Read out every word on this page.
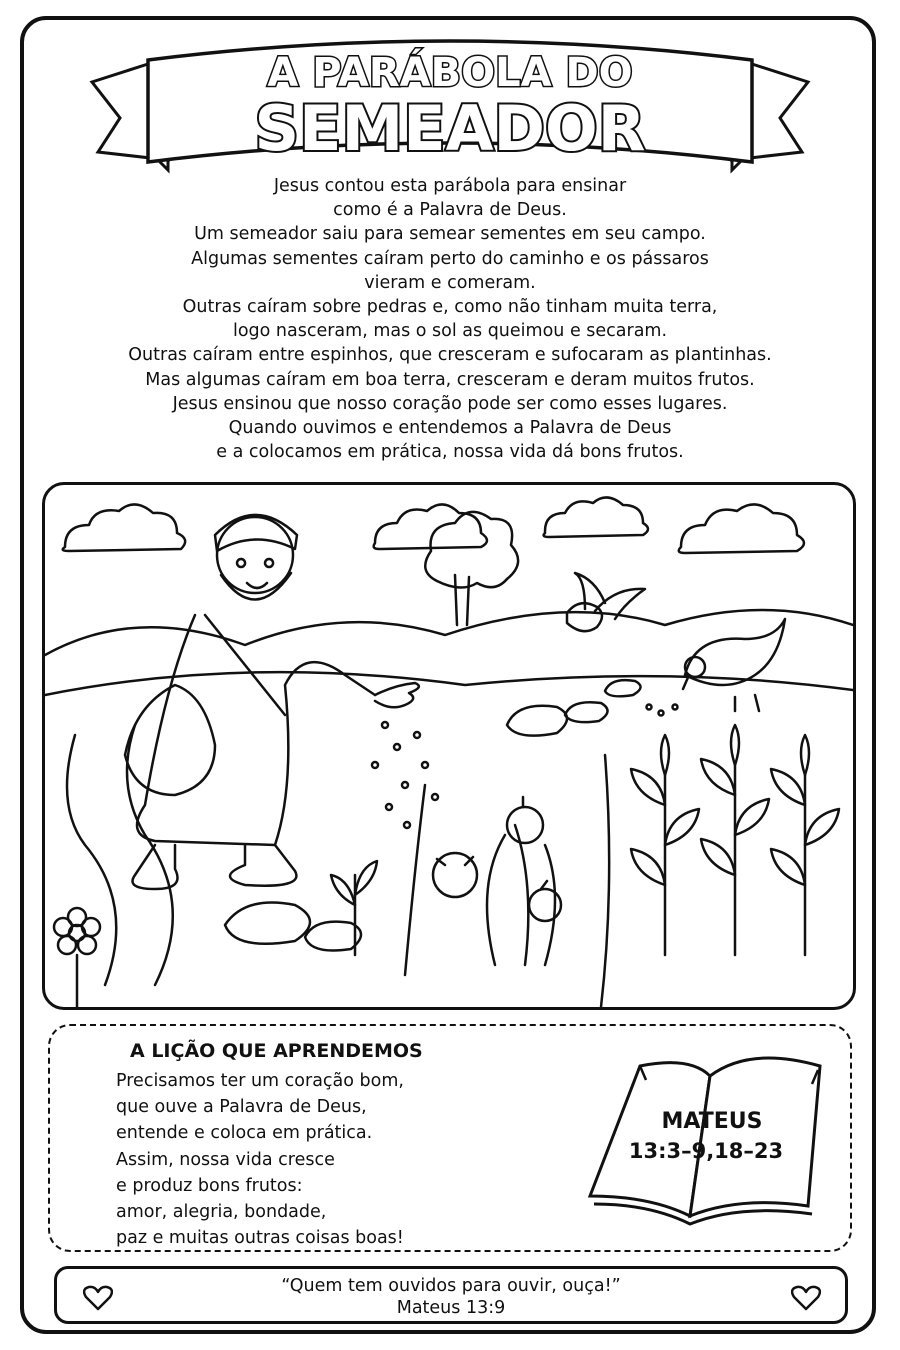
A PARÁBOLA DO
SEMEADOR
Jesus contou esta parábola para ensinar
como é a Palavra de Deus.
Um semeador saiu para semear sementes em seu campo.
Algumas sementes caíram perto do caminho e os pássaros
vieram e comeram.
Outras caíram sobre pedras e, como não tinham muita terra,
logo nasceram, mas o sol as queimou e secaram.
Outras caíram entre espinhos, que cresceram e sufocaram as plantinhas.
Mas algumas caíram em boa terra, cresceram e deram muitos frutos.
Jesus ensinou que nosso coração pode ser como esses lugares.
Quando ouvimos e entendemos a Palavra de Deus
e a colocamos em prática, nossa vida dá bons frutos.
A LIÇÃO QUE APRENDEMOS
Precisamos ter um coração bom,
que ouve a Palavra de Deus,
entende e coloca em prática.
Assim, nossa vida cresce
e produz bons frutos:
amor, alegria, bondade,
paz e muitas outras coisas boas!
MATEUS
13:3–9,18–23
“Quem tem ouvidos para ouvir, ouça!”
Mateus 13:9
